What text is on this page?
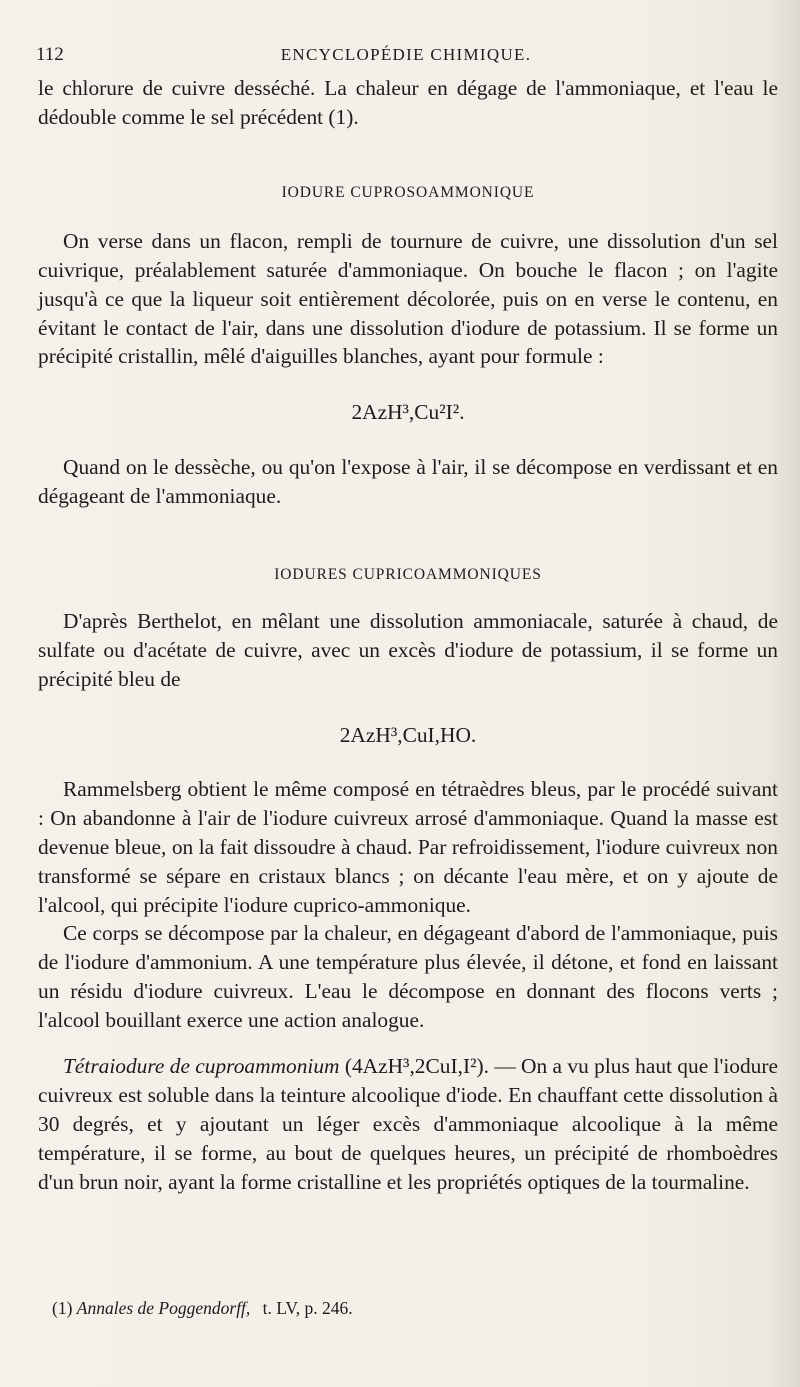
112	ENCYCLOPÉDIE CHIMIQUE.

le chlorure de cuivre desséché. La chaleur en dégage de l'ammoniaque, et l'eau le dédouble comme le sel précédent (1).

IODURE CUPROSOAMMONIQUE

On verse dans un flacon, rempli de tournure de cuivre, une dissolution d'un sel cuivrique, préalablement saturée d'ammoniaque. On bouche le flacon ; on l'agite jusqu'à ce que la liqueur soit entièrement décolorée, puis on en verse le contenu, en évitant le contact de l'air, dans une dissolution d'iodure de potassium. Il se forme un précipité cristallin, mêlé d'aiguilles blanches, ayant pour formule :

2AzH³,Cu²I².

Quand on le dessèche, ou qu'on l'expose à l'air, il se décompose en verdissant et en dégageant de l'ammoniaque.

IODURES CUPRICOAMMONIQUES

D'après Berthelot, en mêlant une dissolution ammoniacale, saturée à chaud, de sulfate ou d'acétate de cuivre, avec un excès d'iodure de potassium, il se forme un précipité bleu de

2AzH³,CuI,HO.

Rammelsberg obtient le même composé en tétraèdres bleus, par le procédé suivant : On abandonne à l'air de l'iodure cuivreux arrosé d'ammoniaque. Quand la masse est devenue bleue, on la fait dissoudre à chaud. Par refroidissement, l'iodure cuivreux non transformé se sépare en cristaux blancs ; on décante l'eau mère, et on y ajoute de l'alcool, qui précipite l'iodure cuprico-ammonique.

Ce corps se décompose par la chaleur, en dégageant d'abord de l'ammoniaque, puis de l'iodure d'ammonium. A une température plus élevée, il détone, et fond en laissant un résidu d'iodure cuivreux. L'eau le décompose en donnant des flocons verts ; l'alcool bouillant exerce une action analogue.

Tétraiodure de cuproammonium (4AzH³,2CuI,I²). — On a vu plus haut que l'iodure cuivreux est soluble dans la teinture alcoolique d'iode. En chauffant cette dissolution à 30 degrés, et y ajoutant un léger excès d'ammoniaque alcoolique à la même température, il se forme, au bout de quelques heures, un précipité de rhomboèdres d'un brun noir, ayant la forme cristalline et les propriétés optiques de la tourmaline.

(1) Annales de Poggendorff, t. LV, p. 246.
